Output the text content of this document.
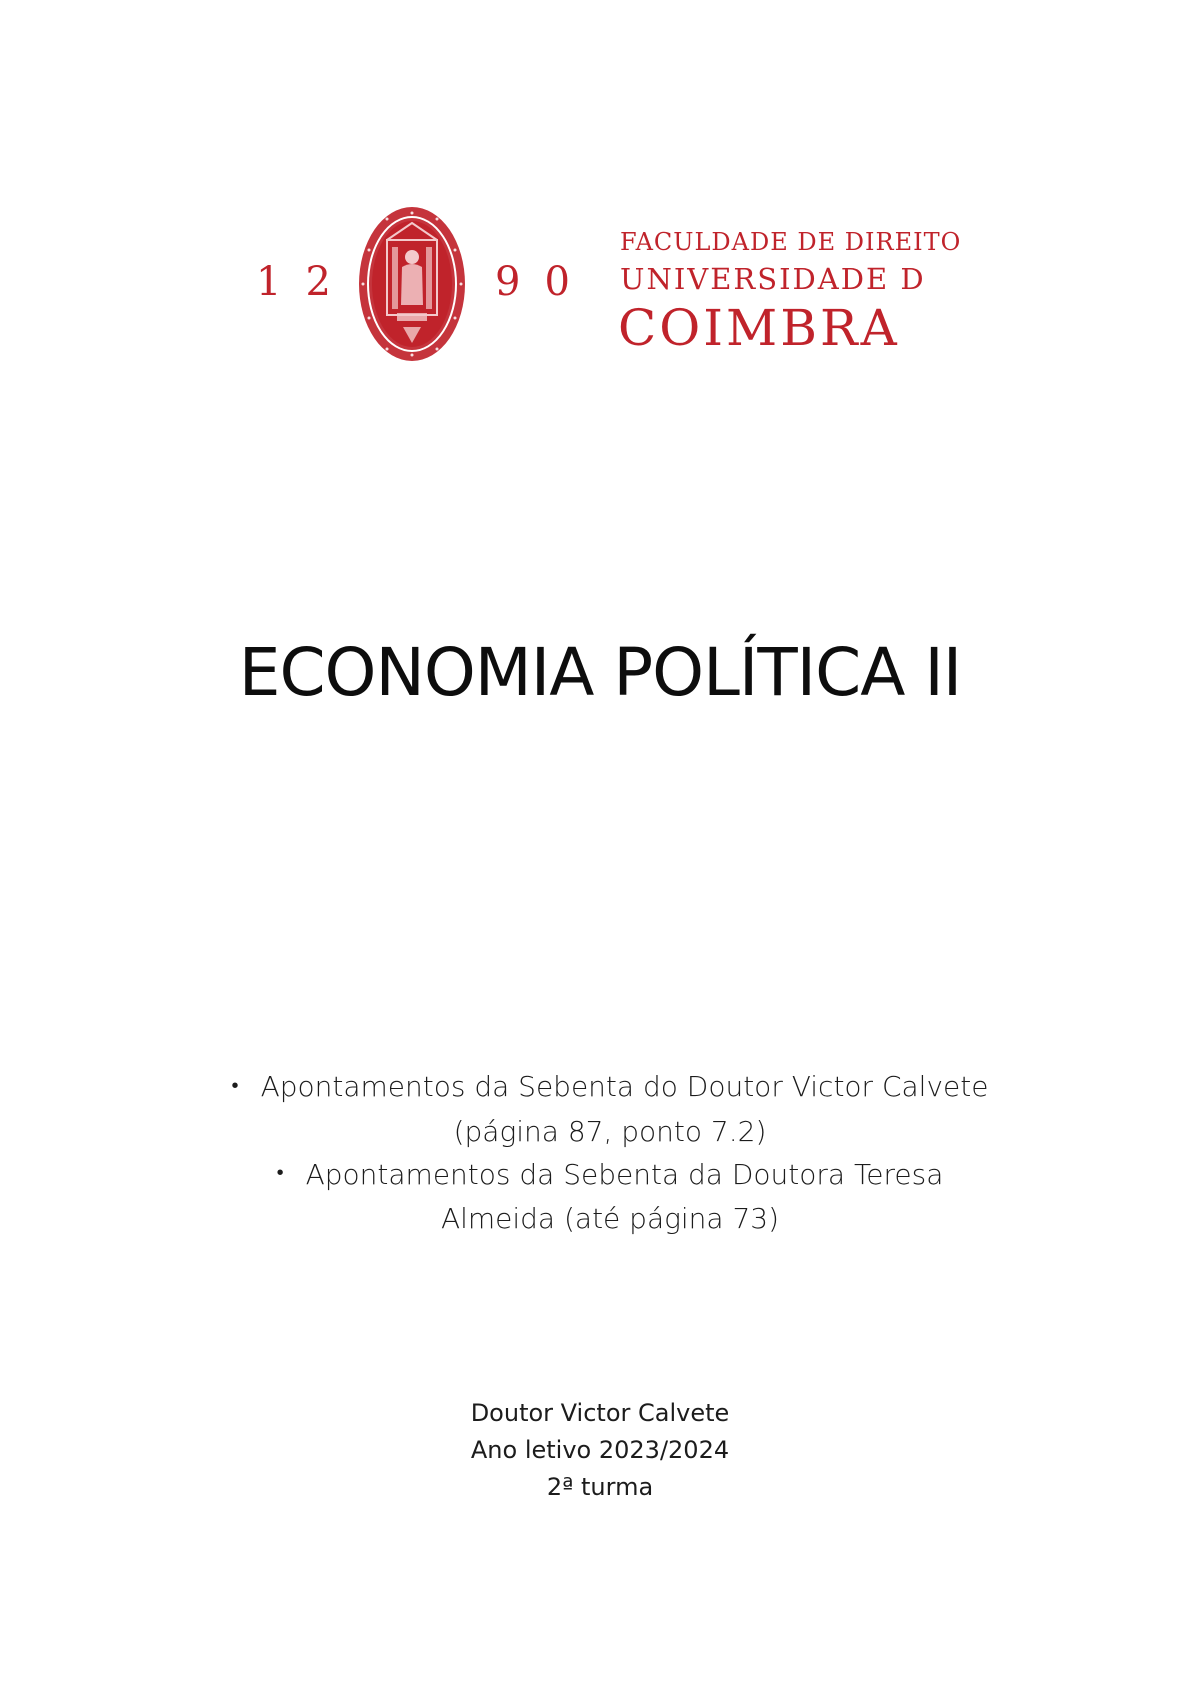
12	90
FACULDADE DE DIREITO
UNIVERSIDADE D
COIMBRA
ECONOMIA POLÍTICA II
• Apontamentos da Sebenta do Doutor Victor Calvete
(página 87, ponto 7.2)
• Apontamentos da Sebenta da Doutora Teresa
Almeida (até página 73)
Doutor Victor Calvete
Ano letivo 2023/2024
2ª turma
